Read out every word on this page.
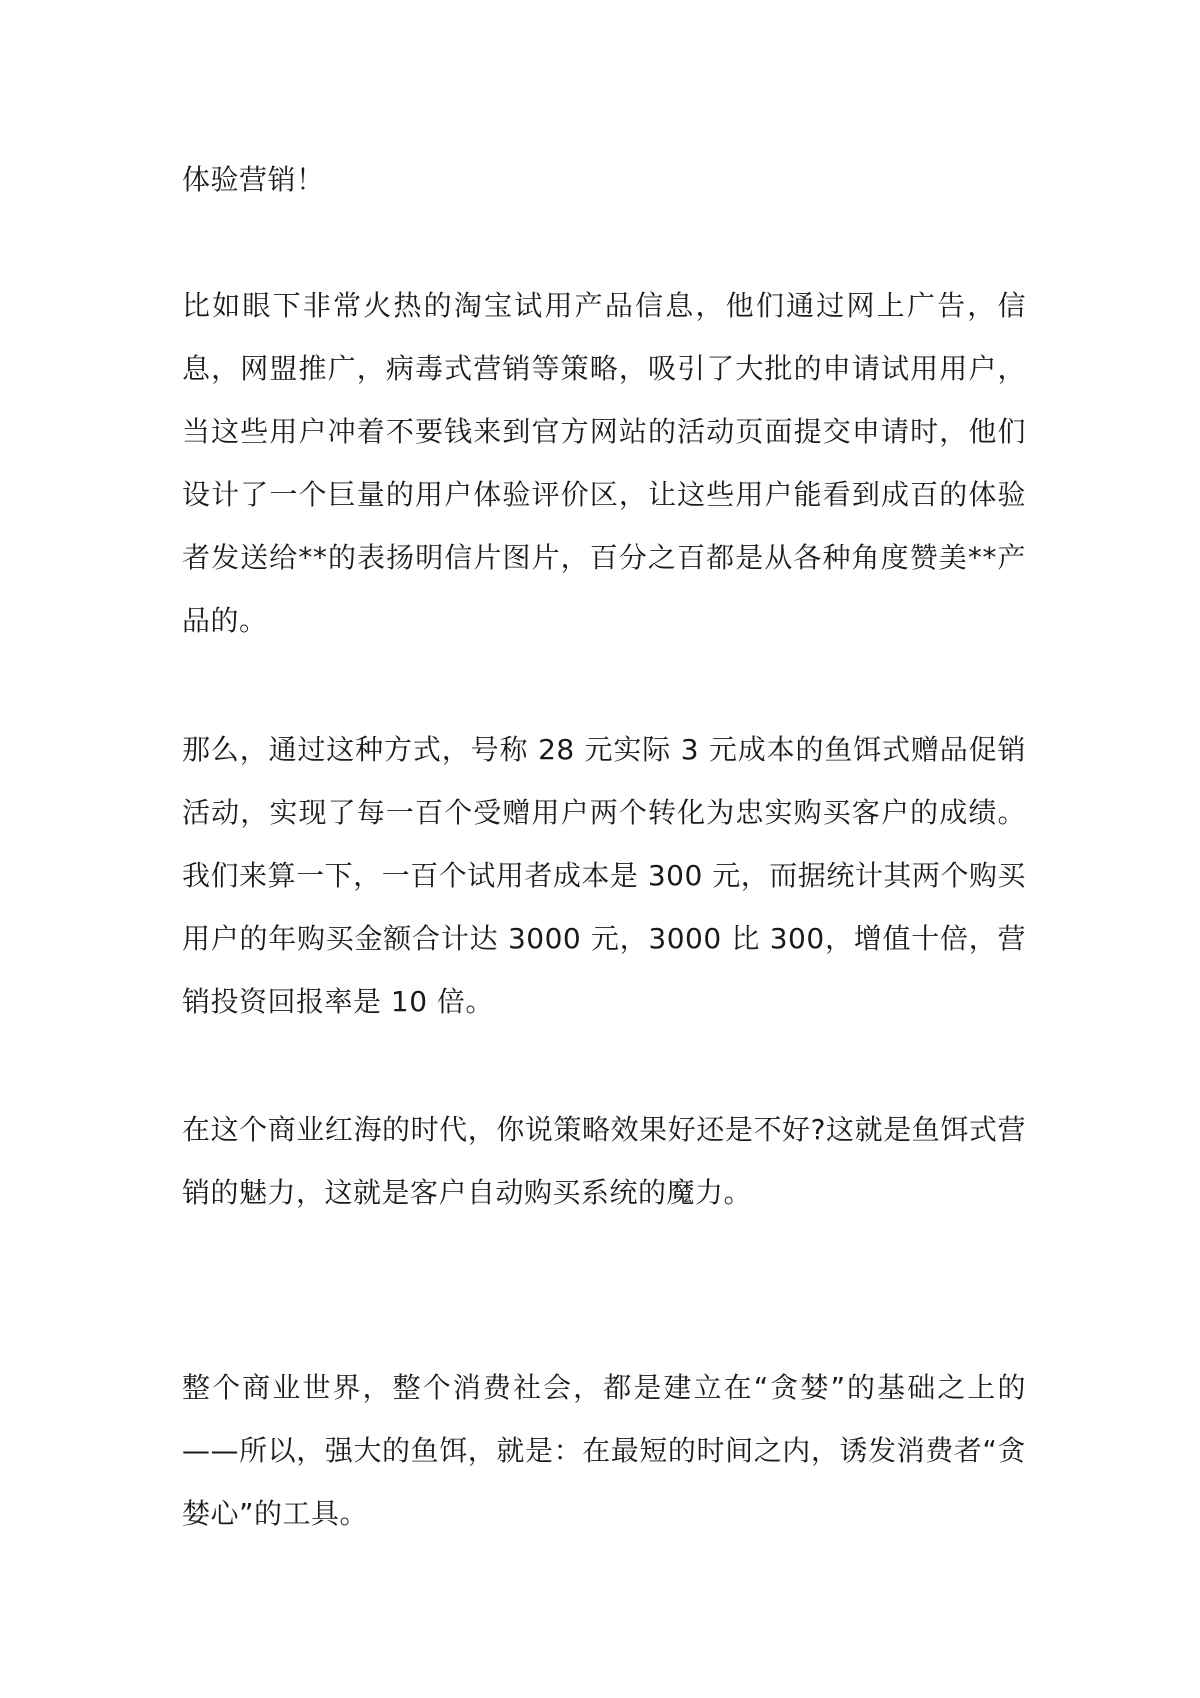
体验营销！

比如眼下非常火热的淘宝试用产品信息，他们通过网上广告，信息，网盟推广，病毒式营销等策略，吸引了大批的申请试用用户，当这些用户冲着不要钱来到官方网站的活动页面提交申请时，他们设计了一个巨量的用户体验评价区，让这些用户能看到成百的体验者发送给**的表扬明信片图片，百分之百都是从各种角度赞美**产品的。

那么，通过这种方式，号称 28 元实际 3 元成本的鱼饵式赠品促销活动，实现了每一百个受赠用户两个转化为忠实购买客户的成绩。我们来算一下，一百个试用者成本是 300 元，而据统计其两个购买用户的年购买金额合计达 3000 元，3000 比 300，增值十倍，营销投资回报率是 10 倍。

在这个商业红海的时代，你说策略效果好还是不好?这就是鱼饵式营销的魅力，这就是客户自动购买系统的魔力。

整个商业世界，整个消费社会，都是建立在“贪婪”的基础之上的——所以，强大的鱼饵，就是：在最短的时间之内，诱发消费者“贪婪心”的工具。
